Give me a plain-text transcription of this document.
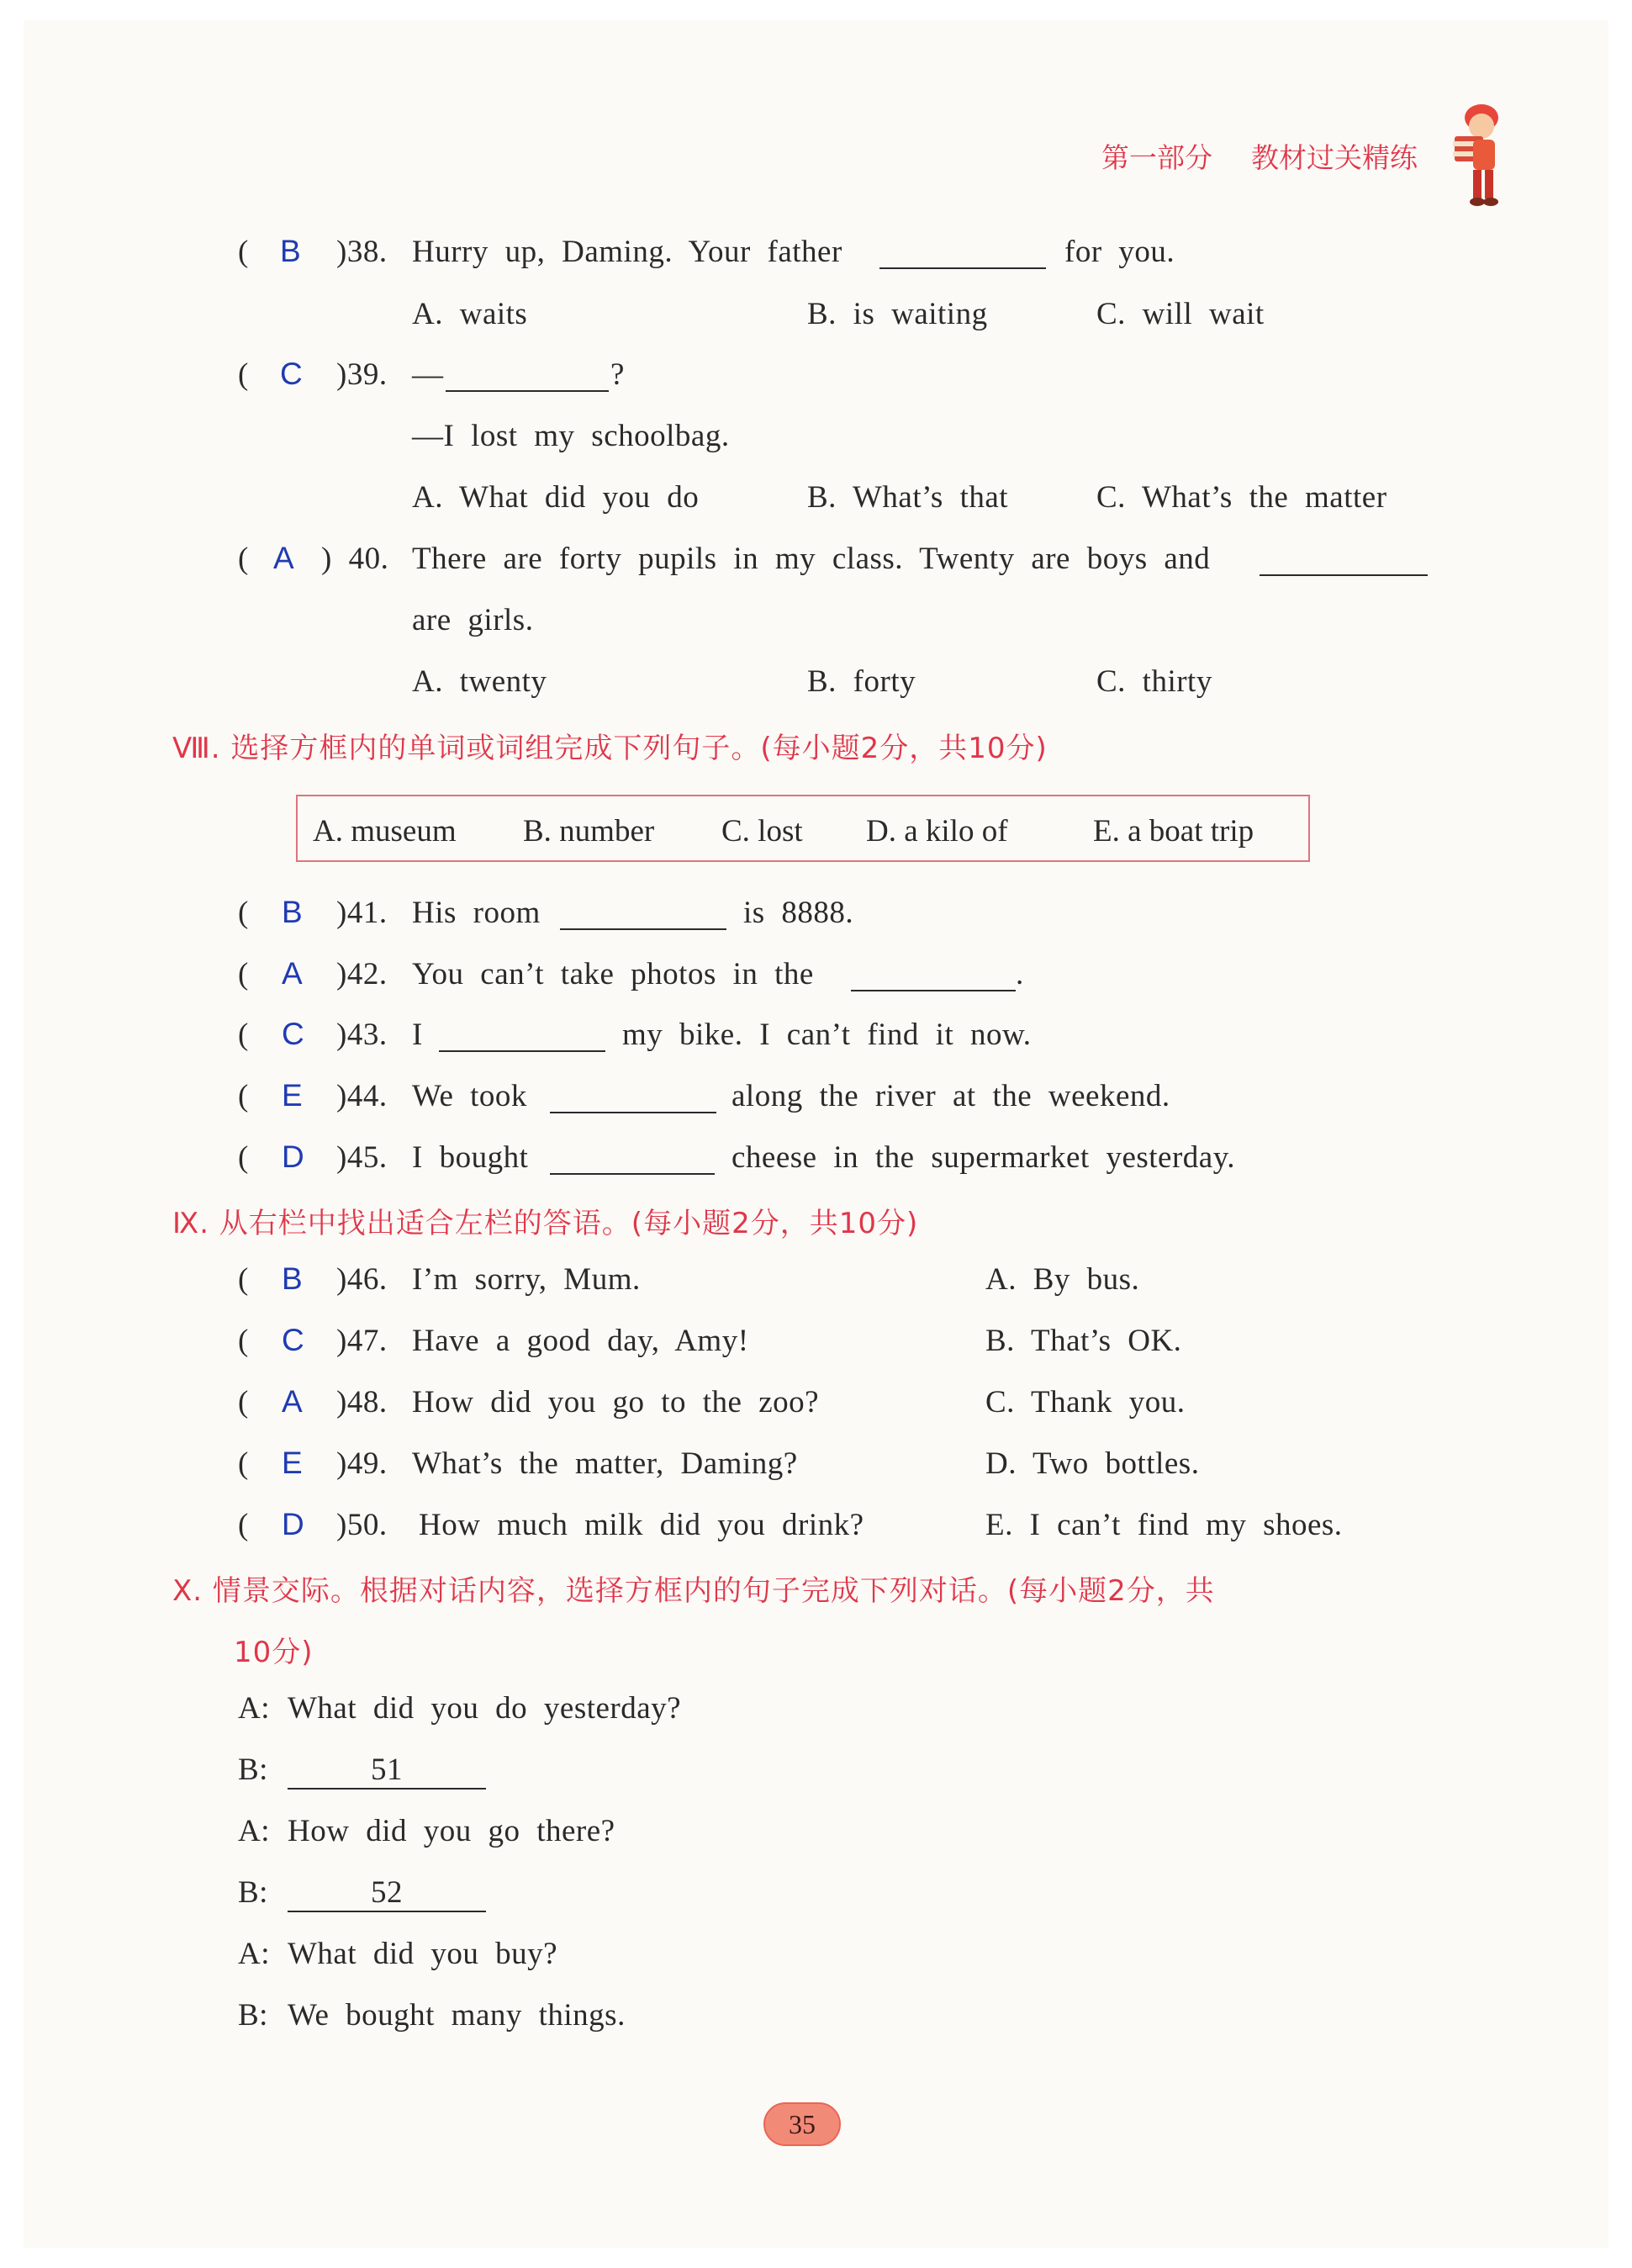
第一部分 教材过关精练
( B )38. Hurry up, Daming. Your father	for you.
A. waits	B. is waiting	C. will wait
( C )39. —	?
—I lost my schoolbag.
A. What did you do	B. What’s that	C. What’s the matter
( A ) 40. There are forty pupils in my class. Twenty are boys and
are girls.
A. twenty	B. forty	C. thirty
Ⅷ. 选择方框内的单词或词组完成下列句子。(每小题2分，共10分)
A. museum B. number C. lost D. a kilo of	E. a boat trip
( B )41. His room	is 8888.
( A )42. You can’t take photos in the	.
( C )43. I	my bike. I can’t find it now.
( E )44. We took	along the river at the weekend.
( D )45. I bought	cheese in the supermarket yesterday.
Ⅸ. 从右栏中找出适合左栏的答语。(每小题2分，共10分)
( B )46. I’m sorry, Mum.	A. By bus.
( C )47. Have a good day, Amy!	B. That’s OK.
( A )48. How did you go to the zoo?	C. Thank you.
( E )49. What’s the matter, Daming?	D. Two bottles.
( D )50. How much milk did you drink?	E. I can’t find my shoes.
Ⅹ. 情景交际。根据对话内容，选择方框内的句子完成下列对话。(每小题2分，共
10分)
A: What did you do yesterday?
B:	51
A: How did you go there?
B:	52
A: What did you buy?
B: We bought many things.
35
